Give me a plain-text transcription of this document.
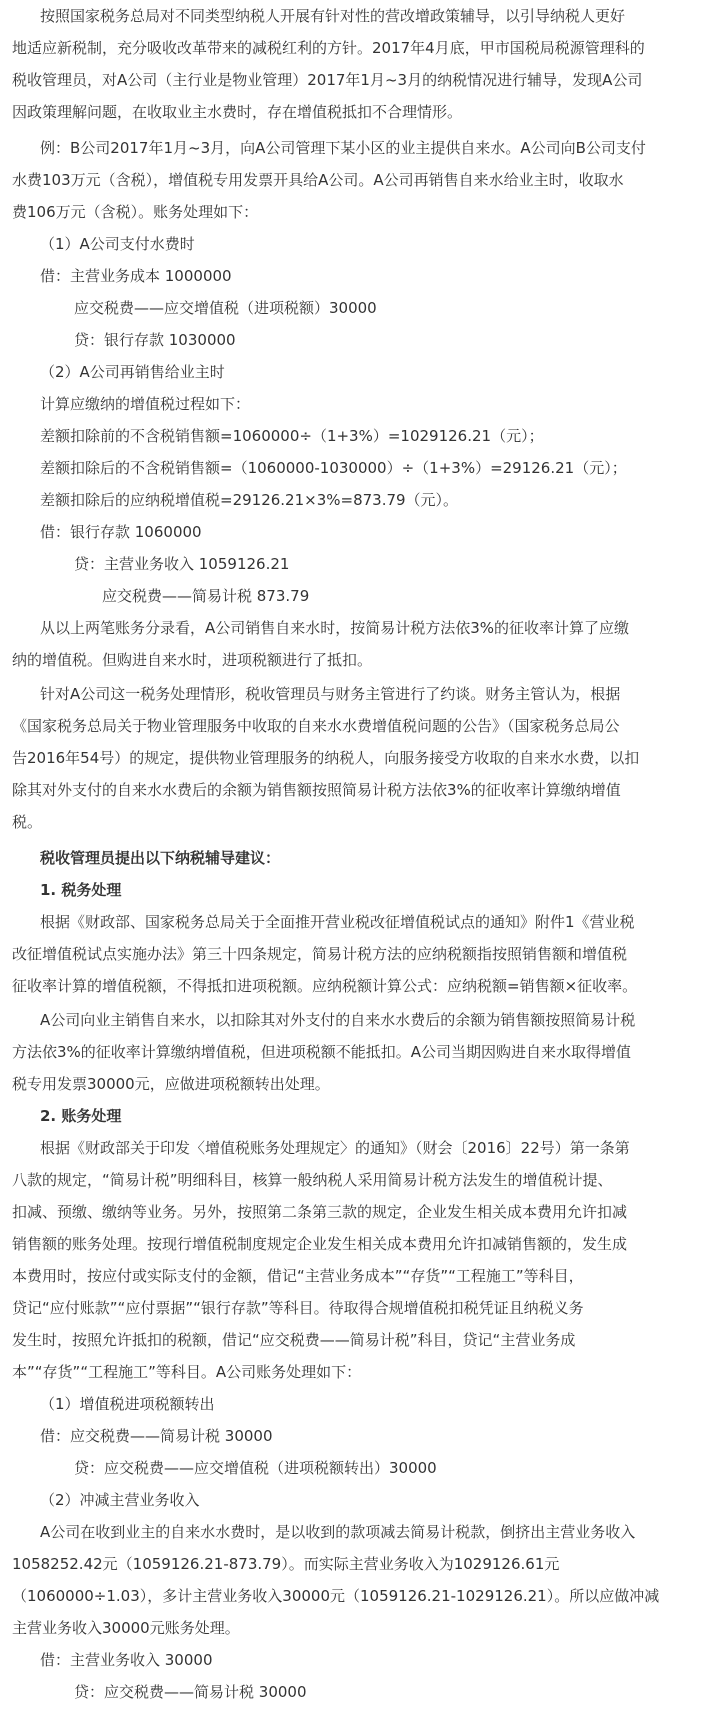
按照国家税务总局对不同类型纳税人开展有针对性的营改增政策辅导，以引导纳税人更好
地适应新税制，充分吸收改革带来的减税红利的方针。2017年4月底，甲市国税局税源管理科的
税收管理员，对A公司（主行业是物业管理）2017年1月~3月的纳税情况进行辅导，发现A公司
因政策理解问题，在收取业主水费时，存在增值税抵扣不合理情形。
例：B公司2017年1月~3月，向A公司管理下某小区的业主提供自来水。A公司向B公司支付
水费103万元（含税），增值税专用发票开具给A公司。A公司再销售自来水给业主时，收取水
费106万元（含税）。账务处理如下：
（1）A公司支付水费时
借：主营业务成本 1000000
应交税费——应交增值税（进项税额）30000
贷：银行存款 1030000
（2）A公司再销售给业主时
计算应缴纳的增值税过程如下：
差额扣除前的不含税销售额=1060000÷（1+3%）=1029126.21（元）；
差额扣除后的不含税销售额=（1060000-1030000）÷（1+3%）=29126.21（元）；
差额扣除后的应纳税增值税=29126.21×3%=873.79（元）。
借：银行存款 1060000
贷：主营业务收入 1059126.21
应交税费——简易计税 873.79
从以上两笔账务分录看，A公司销售自来水时，按简易计税方法依3%的征收率计算了应缴
纳的增值税。但购进自来水时，进项税额进行了抵扣。
针对A公司这一税务处理情形，税收管理员与财务主管进行了约谈。财务主管认为，根据
《国家税务总局关于物业管理服务中收取的自来水水费增值税问题的公告》（国家税务总局公
告2016年54号）的规定，提供物业管理服务的纳税人，向服务接受方收取的自来水水费，以扣
除其对外支付的自来水水费后的余额为销售额按照简易计税方法依3%的征收率计算缴纳增值
税。
税收管理员提出以下纳税辅导建议：
1. 税务处理
根据《财政部、国家税务总局关于全面推开营业税改征增值税试点的通知》附件1《营业税
改征增值税试点实施办法》第三十四条规定，简易计税方法的应纳税额指按照销售额和增值税
征收率计算的增值税额，不得抵扣进项税额。应纳税额计算公式：应纳税额=销售额×征收率。
A公司向业主销售自来水，以扣除其对外支付的自来水水费后的余额为销售额按照简易计税
方法依3%的征收率计算缴纳增值税，但进项税额不能抵扣。A公司当期因购进自来水取得增值
税专用发票30000元，应做进项税额转出处理。
2. 账务处理
根据《财政部关于印发〈增值税账务处理规定〉的通知》（财会〔2016〕22号）第一条第
八款的规定，“简易计税”明细科目，核算一般纳税人采用简易计税方法发生的增值税计提、
扣减、预缴、缴纳等业务。另外，按照第二条第三款的规定，企业发生相关成本费用允许扣减
销售额的账务处理。按现行增值税制度规定企业发生相关成本费用允许扣减销售额的，发生成
本费用时，按应付或实际支付的金额，借记“主营业务成本”“存货”“工程施工”等科目，
贷记“应付账款”“应付票据”“银行存款”等科目。待取得合规增值税扣税凭证且纳税义务
发生时，按照允许抵扣的税额，借记“应交税费——简易计税”科目，贷记“主营业务成
本”“存货”“工程施工”等科目。A公司账务处理如下：
（1）增值税进项税额转出
借：应交税费——简易计税 30000
贷：应交税费——应交增值税（进项税额转出）30000
（2）冲减主营业务收入
A公司在收到业主的自来水水费时，是以收到的款项减去简易计税款，倒挤出主营业务收入
1058252.42元（1059126.21-873.79）。而实际主营业务收入为1029126.61元
（1060000÷1.03），多计主营业务收入30000元（1059126.21-1029126.21）。所以应做冲减
主营业务收入30000元账务处理。
借：主营业务收入 30000
贷：应交税费——简易计税 30000
